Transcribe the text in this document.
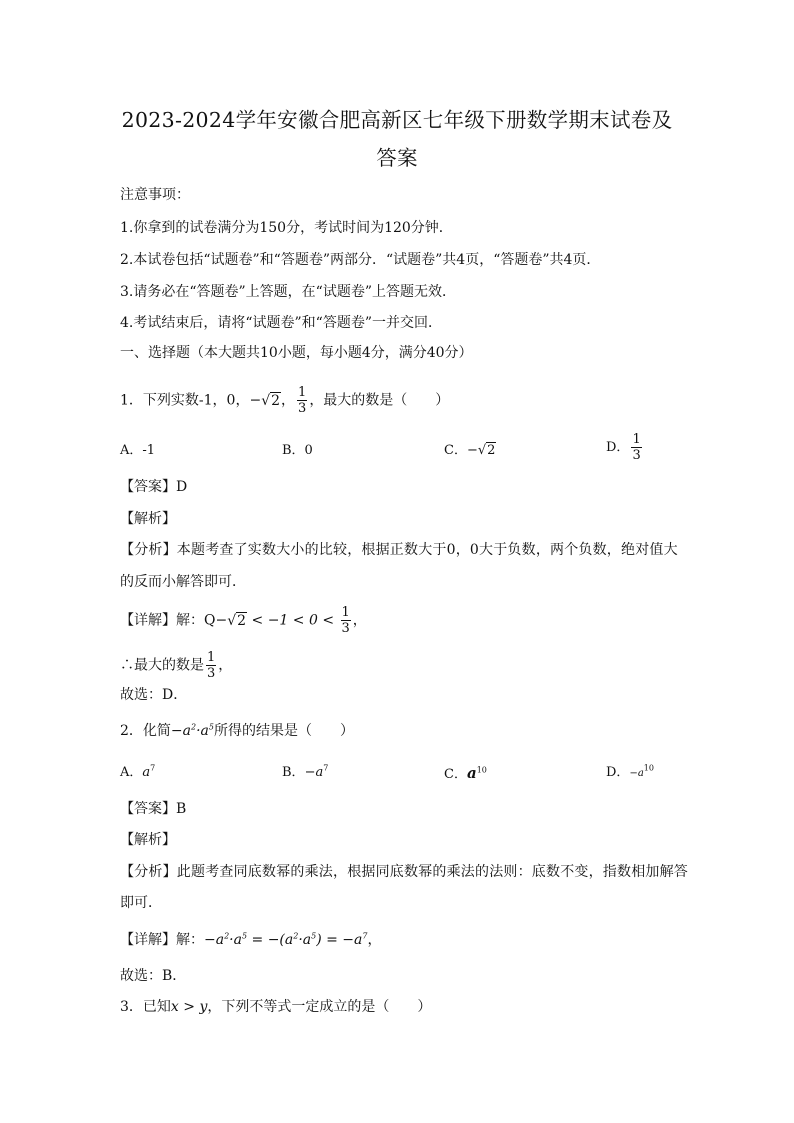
2023-2024学年安徽合肥高新区七年级下册数学期末试卷及
答案
注意事项：
1.你拿到的试卷满分为150分，考试时间为120分钟．
2.本试卷包括“试题卷”和“答题卷”两部分．“试题卷”共4页，“答题卷”共4页．
3.请务必在“答题卷”上答题，在“试题卷”上答题无效．
4.考试结束后，请将“试题卷”和“答题卷”一并交回．
一、选择题（本大题共10小题，每小题4分，满分40分）
1．下列实数-1，0，−√2， $\frac{1}{3}$ ，最大的数是（　　）
A．-1	B．0	C．−√2	D． $\frac{1}{3}$
【答案】D
【解析】
【分析】本题考查了实数大小的比较，根据正数大于0，0大于负数，两个负数，绝对值大
的反而小解答即可．
【详解】解：$Q-√2 < -1 < 0 < \frac{1}{3}$ ，
∴最大的数是 $\frac{1}{3}$ ，
故选：D．
2．化简$-a^2\cdot a^5$所得的结果是（　　）
A．$a^7$	B．$-a^7$	C．$a^{10}$	D．$-a^{10}$
【答案】B
【解析】
【分析】此题考查同底数幂的乘法，根据同底数幂的乘法的法则：底数不变，指数相加解答
即可．
【详解】解：$-a^2\cdot a^5 = -(a^2\cdot a^5) = -a^7$，
故选：B．
3．已知x > y，下列不等式一定成立的是（　　）
